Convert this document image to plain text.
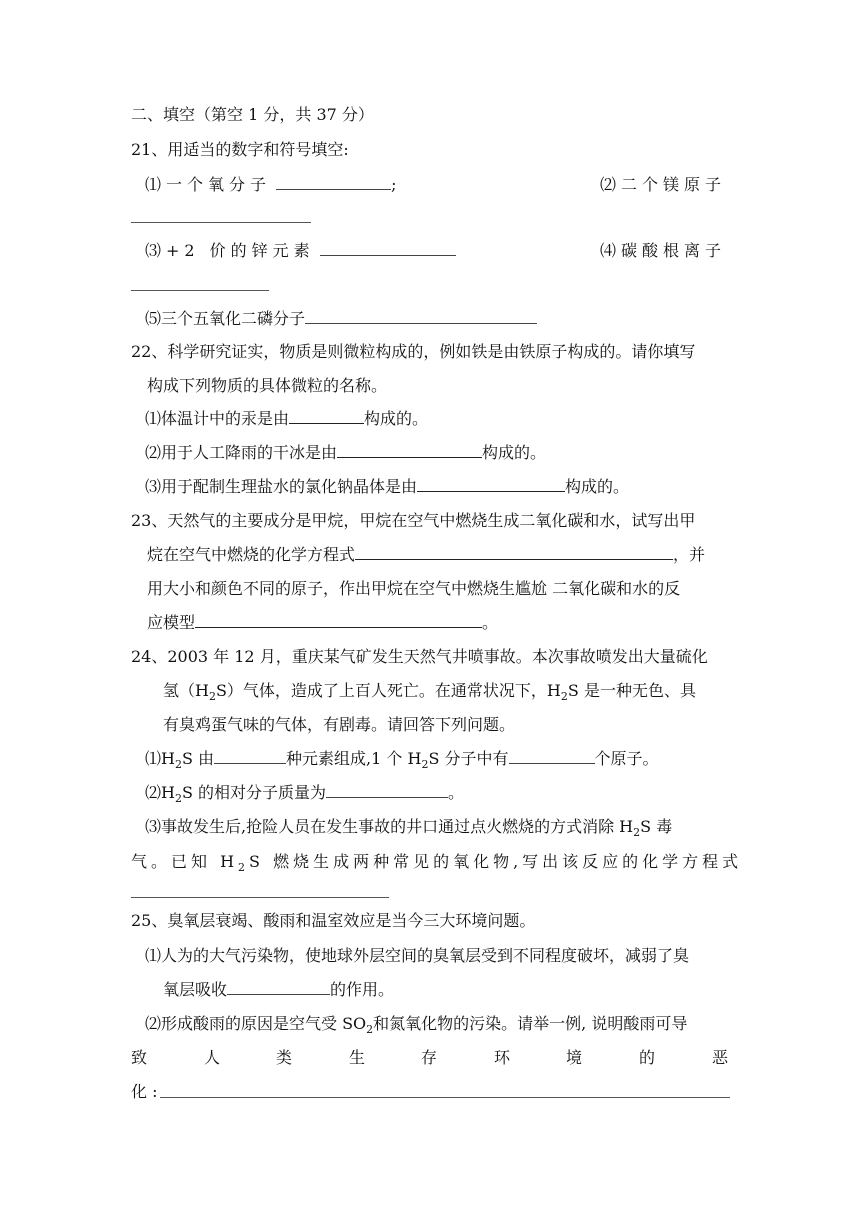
二、填空（第空 1 分，共 37 分）
21、用适当的数字和符号填空:
⑴一个氧分子	;	⑵二个镁原子
⑶+2 价的锌元素	⑷碳酸根离子
⑸三个五氧化二磷分子
22、科学研究证实，物质是则微粒构成的，例如铁是由铁原子构成的。请你填写
构成下列物质的具体微粒的名称。
⑴体温计中的汞是由	构成的。
⑵用于人工降雨的干冰是由	构成的。
⑶用于配制生理盐水的氯化钠晶体是由	构成的。
23、天然气的主要成分是甲烷，甲烷在空气中燃烧生成二氧化碳和水，试写出甲
烷在空气中燃烧的化学方程式	，并
用大小和颜色不同的原子，作出甲烷在空气中燃烧生尴尬 二氧化碳和水的反
应模型	。
24、2003 年 12 月，重庆某气矿发生天然气井喷事故。本次事故喷发出大量硫化
氢$(H_2S)$气体，造成了上百人死亡。在通常状况下，$H_2S$ 是一种无色、具
有臭鸡蛋气味的气体，有剧毒。请回答下列问题。
$⑴H_2S$ 由	种元素组成,1 个 $H_2S$ 分子中有	个原子。
$⑵H_2S$ 的相对分子质量为	。
⑶事故发生后,抢险人员在发生事故的井口通过点火燃烧的方式消除 $H_2S$ 毒
气。已知 $H_2S$ 燃烧生成两种常见的氧化物,写出该反应的化学方程式
25、臭氧层衰竭、酸雨和温室效应是当今三大环境问题。
⑴人为的大气污染物，使地球外层空间的臭氧层受到不同程度破坏，减弱了臭
氧层吸收	的作用。
⑵形成酸雨的原因是空气受 $SO_2$和氮氧化物的污染。请举一例, 说明酸雨可导
致	人	类	生	存	环	境	的	恶
化 :
